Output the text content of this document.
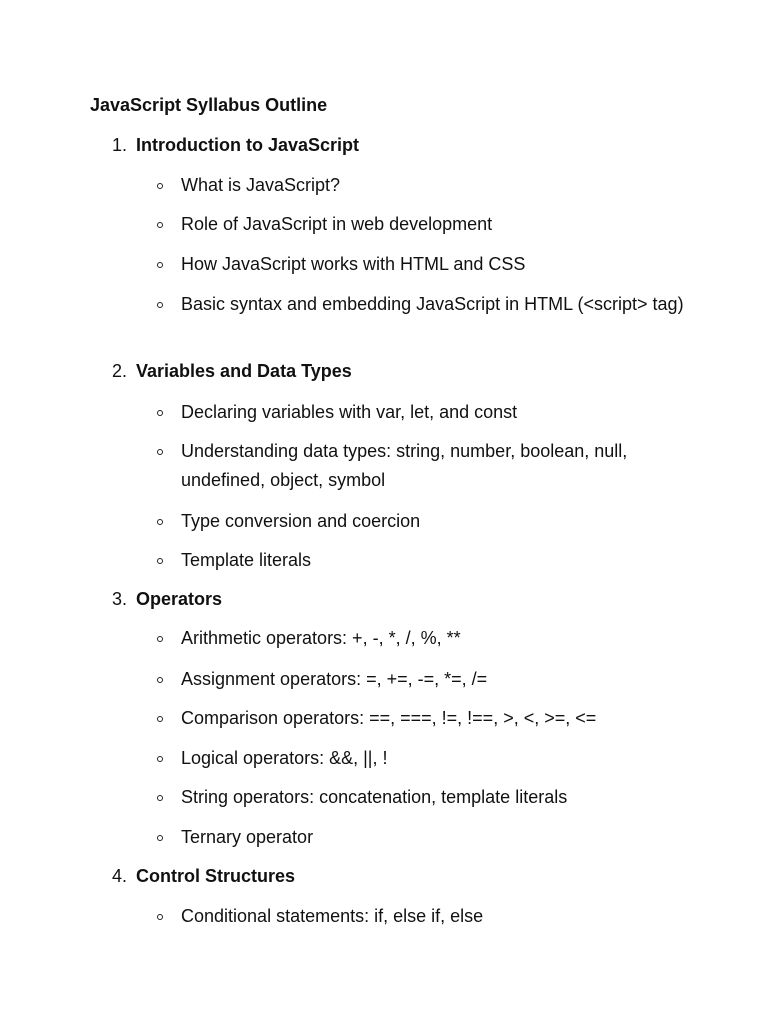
JavaScript Syllabus Outline
1. Introduction to JavaScript
What is JavaScript?
Role of JavaScript in web development
How JavaScript works with HTML and CSS
Basic syntax and embedding JavaScript in HTML (<script> tag)
2. Variables and Data Types
Declaring variables with var, let, and const
Understanding data types: string, number, boolean, null, undefined, object, symbol
Type conversion and coercion
Template literals
3. Operators
Arithmetic operators: +, -, *, /, %, **
Assignment operators: =, +=, -=, *=, /=
Comparison operators: ==, ===, !=, !==, >, <, >=, <=
Logical operators: &&, ||, !
String operators: concatenation, template literals
Ternary operator
4. Control Structures
Conditional statements: if, else if, else
